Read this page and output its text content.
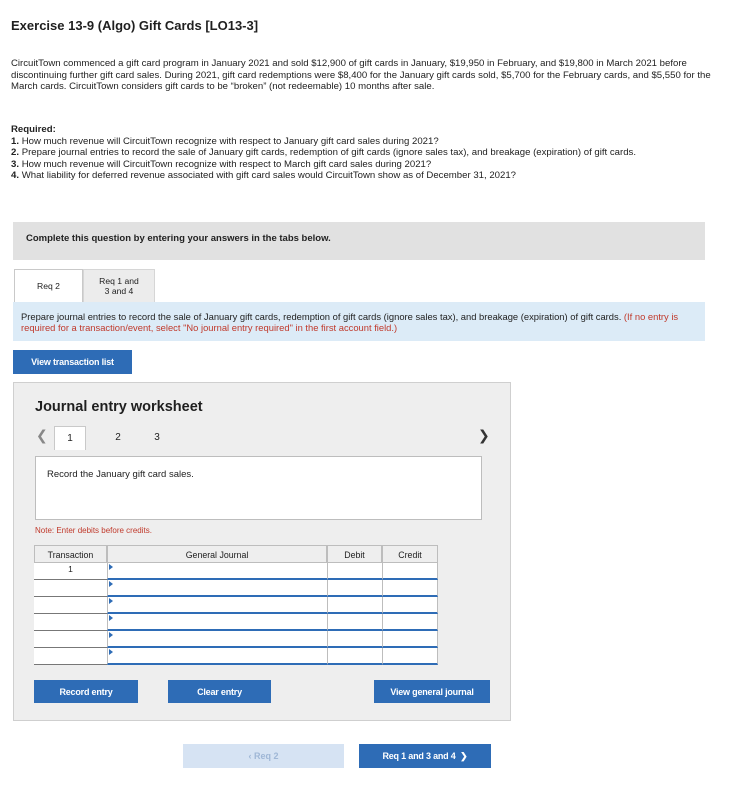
Exercise 13-9 (Algo) Gift Cards [LO13-3]
CircuitTown commenced a gift card program in January 2021 and sold $12,900 of gift cards in January, $19,950 in February, and $19,800 in March 2021 before discontinuing further gift card sales. During 2021, gift card redemptions were $8,400 for the January gift cards sold, $5,700 for the February cards, and $5,550 for the March cards. CircuitTown considers gift cards to be “broken” (not redeemable) 10 months after sale.
Required:
1. How much revenue will CircuitTown recognize with respect to January gift card sales during 2021?
2. Prepare journal entries to record the sale of January gift cards, redemption of gift cards (ignore sales tax), and breakage (expiration) of gift cards.
3. How much revenue will CircuitTown recognize with respect to March gift card sales during 2021?
4. What liability for deferred revenue associated with gift card sales would CircuitTown show as of December 31, 2021?
Complete this question by entering your answers in the tabs below.
Req 2	Req 1 and 3 and 4
Prepare journal entries to record the sale of January gift cards, redemption of gift cards (ignore sales tax), and breakage (expiration) of gift cards. (If no entry is required for a transaction/event, select "No journal entry required" in the first account field.)
View transaction list
Journal entry worksheet
❮	1	2	3	❯
Record the January gift card sales.
Note: Enter debits before credits.
Transaction	General Journal	Debit	Credit
1
Record entry	Clear entry	View general journal
‹ Req 2	Req 1 and 3 and 4 ❯
